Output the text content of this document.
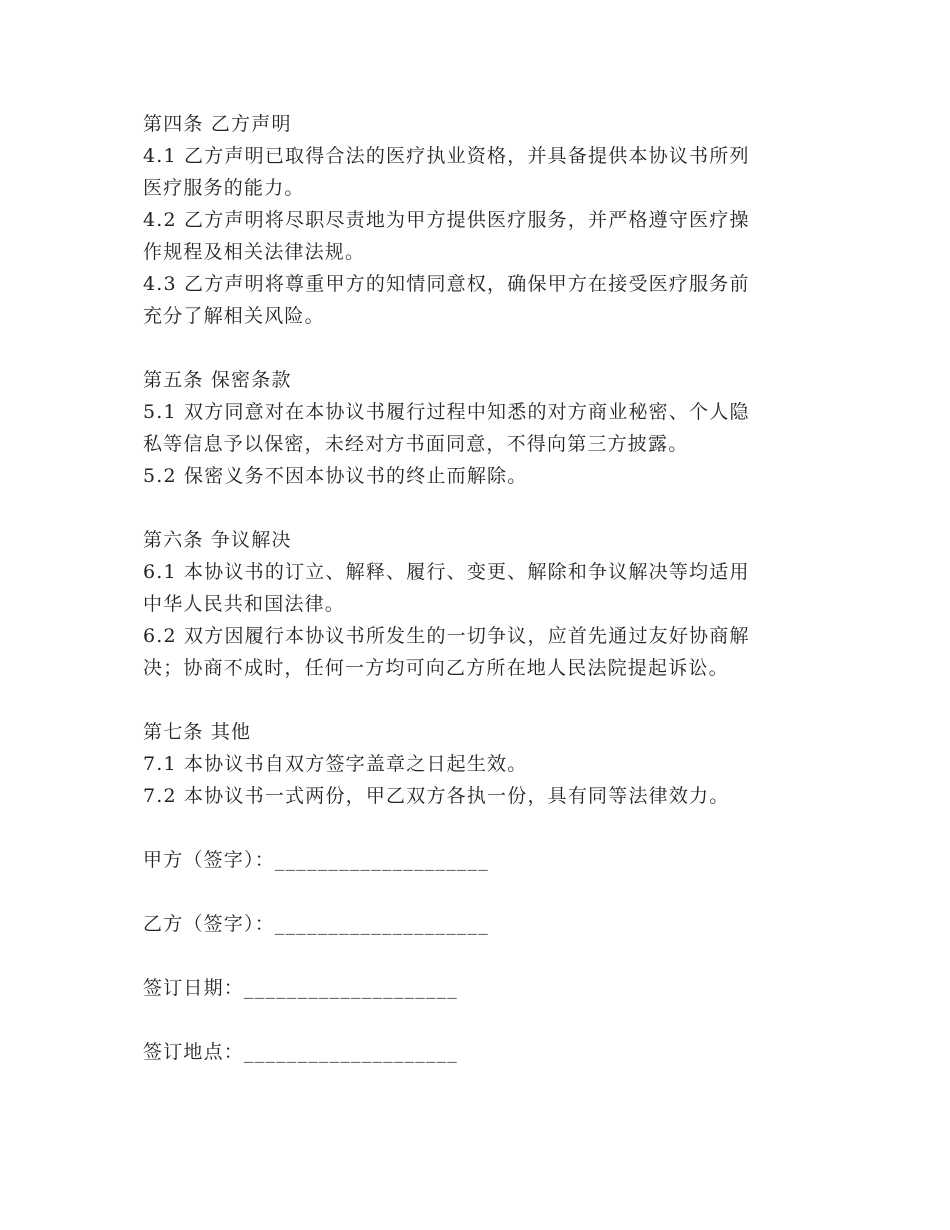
第四条 乙方声明
4.1 乙方声明已取得合法的医疗执业资格，并具备提供本协议书所列
医疗服务的能力。
4.2 乙方声明将尽职尽责地为甲方提供医疗服务，并严格遵守医疗操
作规程及相关法律法规。
4.3 乙方声明将尊重甲方的知情同意权，确保甲方在接受医疗服务前
充分了解相关风险。
第五条 保密条款
5.1 双方同意对在本协议书履行过程中知悉的对方商业秘密、个人隐
私等信息予以保密，未经对方书面同意，不得向第三方披露。
5.2 保密义务不因本协议书的终止而解除。
第六条 争议解决
6.1 本协议书的订立、解释、履行、变更、解除和争议解决等均适用
中华人民共和国法律。
6.2 双方因履行本协议书所发生的一切争议，应首先通过友好协商解
决；协商不成时，任何一方均可向乙方所在地人民法院提起诉讼。
第七条 其他
7.1 本协议书自双方签字盖章之日起生效。
7.2 本协议书一式两份，甲乙双方各执一份，具有同等法律效力。
甲方（签字）：____________________
乙方（签字）：____________________
签订日期：____________________
签订地点：____________________
